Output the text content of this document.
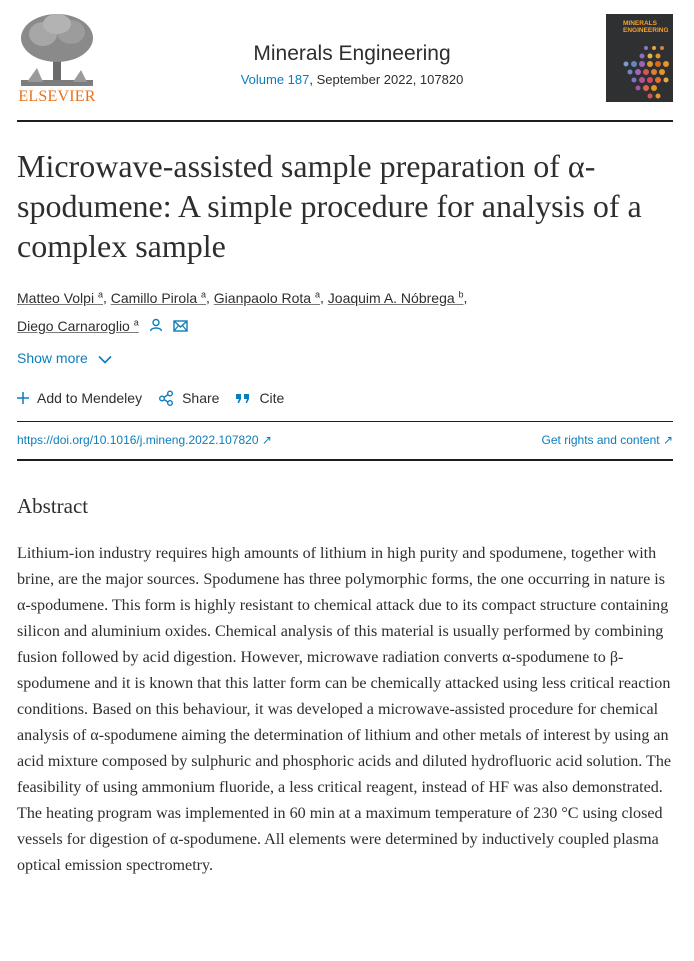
ELSEVIER
Minerals Engineering
Volume 187, September 2022, 107820
MINERALS
ENGINEERING
Microwave-assisted sample preparation of α-spodumene: A simple procedure for analysis of a complex sample
Matteo Volpi $^a$, Camillo Pirola $^a$, Gianpaolo Rota $^a$, Joaquim A. Nóbrega $^b$,
Diego Carnaroglio $^a$
Show more
Add to Mendeley	Share	Cite
https://doi.org/10.1016/j.mineng.2022.107820 ↗	Get rights and content ↗
Abstract

Lithium-ion industry requires high amounts of lithium in high purity and spodumene, together with brine, are the major sources. Spodumene has three polymorphic forms, the one occurring in nature is α-spodumene. This form is highly resistant to chemical attack due to its compact structure containing silicon and aluminium oxides. Chemical analysis of this material is usually performed by combining fusion followed by acid digestion. However, microwave radiation converts α-spodumene to β-spodumene and it is known that this latter form can be chemically attacked using less critical reaction conditions. Based on this behaviour, it was developed a microwave-assisted procedure for chemical analysis of α-spodumene aiming the determination of lithium and other metals of interest by using an acid mixture composed by sulphuric and phosphoric acids and diluted hydrofluoric acid solution. The feasibility of using ammonium fluoride, a less critical reagent, instead of HF was also demonstrated. The heating program was implemented in 60 min at a maximum temperature of 230 °C using closed vessels for digestion of α-spodumene. All elements were determined by inductively coupled plasma optical emission spectrometry.
